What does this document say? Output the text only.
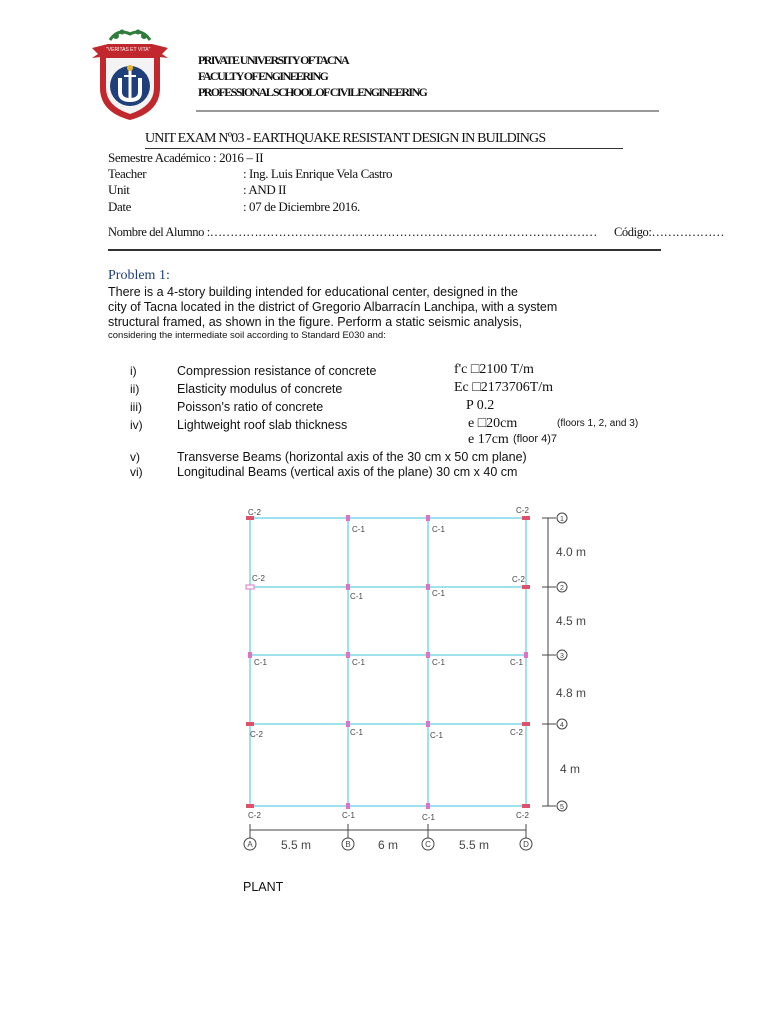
"VERITAS ET VITA"
PRIVATE UNIVERSITY OF TACNA
FACULTY OF ENGINEERING
PROFESSIONAL SCHOOL OF CIVIL ENGINEERING
UNIT EXAM Nº03 - EARTHQUAKE RESISTANT DESIGN IN BUILDINGS
Semestre Académico : 2016 – II
Teacher	: Ing. Luis Enrique Vela Castro
Unit	: AND II
Date	: 07 de Diciembre 2016.
Nombre del Alumno :…………………………………………………………………………………… Código:………………
Problem 1:
There is a 4-story building intended for educational center, designed in the
city of Tacna located in the district of Gregorio Albarracín Lanchipa, with a system
structural framed, as shown in the figure. Perform a static seismic analysis,
considering the intermediate soil according to Standard E030 and:
i)	Compression resistance of concrete	f'c □2100 T/m
ii)	Elasticity modulus of concrete	Ec □2173706T/m
iii)	Poisson's ratio of concrete	P 0.2
iv)	Lightweight roof slab thickness	e □20cm	(floors 1, 2, and 3)
e 17cm (floor 4)7
v)	Transverse Beams (horizontal axis of the 30 cm x 50 cm plane)
vi)	Longitudinal Beams (vertical axis of the plane) 30 cm x 40 cm
C-2
C-1	C-1
C-2
C-2
C-1	C-1
C-2
C-1	C-1	C-1	C-1
C-2	C-1	C-1	C-2
C-2	C-1	C-1	C-2
1
2
3
4
5
4.0 m
4.5 m
4.8 m
4 m
A	B	C	D
5.5 m	6 m	5.5 m
PLANT
